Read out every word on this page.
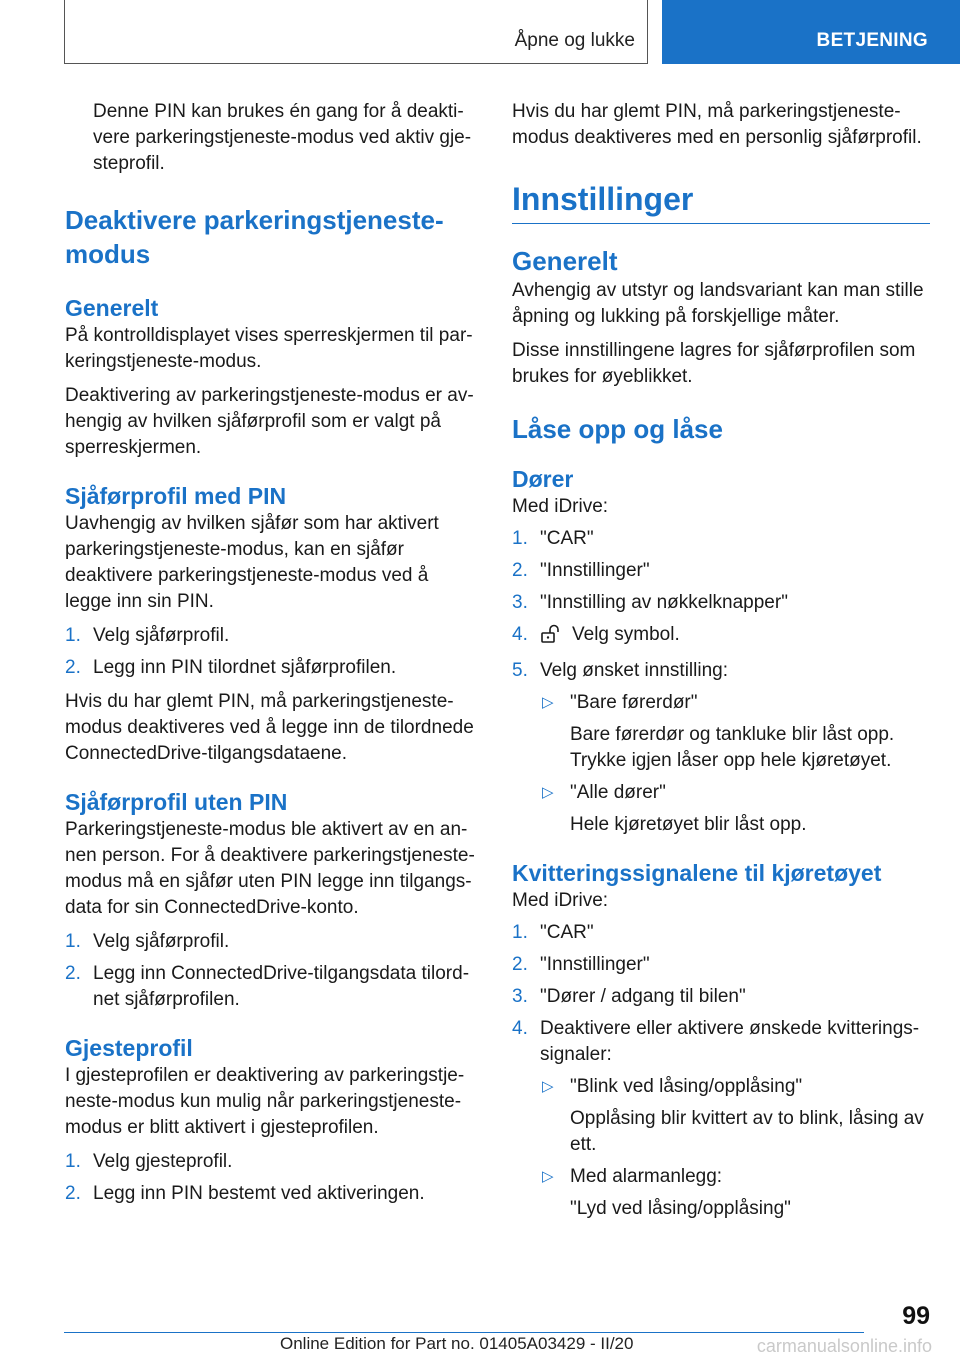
Åpne og lukke	BETJENING

Denne PIN kan brukes én gang for å deaktivere parkeringstjeneste-modus ved aktiv gjesteprofil.

Deaktivere parkeringstjenestemodus
Generelt

På kontrolldisplayet vises sperreskjermen til parkeringstjeneste-modus.

Deaktivering av parkeringstjeneste-modus er avhengig av hvilken sjåførprofil som er valgt på sperreskjermen.

Sjåførprofil med PIN

Uavhengig av hvilken sjåfør som har aktivert parkeringstjeneste-modus, kan en sjåfør deaktivere parkeringstjeneste-modus ved å legge inn sin PIN.

1. Velg sjåførprofil.
2. Legg inn PIN tilordnet sjåførprofilen.

Hvis du har glemt PIN, må parkeringstjeneste-modus deaktiveres ved å legge inn de tilordnede ConnectedDrive-tilgangsdataene.

Sjåførprofil uten PIN

Parkeringstjeneste-modus ble aktivert av en annen person. For å deaktivere parkeringstjeneste-modus må en sjåfør uten PIN legge inn tilgangsdata for sin ConnectedDrive-konto.

1. Velg sjåførprofil.
2. Legg inn ConnectedDrive-tilgangsdata tilordnet sjåførprofilen.
Gjesteprofil

I gjesteprofilen er deaktivering av parkeringstjeneste-modus kun mulig når parkeringstjeneste-modus er blitt aktivert i gjesteprofilen.

1. Velg gjesteprofil.
2. Legg inn PIN bestemt ved aktiveringen.

Hvis du har glemt PIN, må parkeringstjeneste-modus deaktiveres med en personlig sjåførprofil.

Innstillinger
Generelt

Avhengig av utstyr og landsvariant kan man stille åpning og lukking på forskjellige måter.

Disse innstillingene lagres for sjåførprofilen som brukes for øyeblikket.

Låse opp og låse
Dører

Med iDrive:

1. "CAR"
2. "Innstillinger"
3. "Innstilling av nøkkelknapper"
4. Velg symbol.
5. Velg ønsket innstilling:
▷ "Bare førerdør"
Bare førerdør og tankluke blir låst opp. Trykke igjen låser opp hele kjøretøyet.
▷ "Alle dører"
Hele kjøretøyet blir låst opp.
Kvitteringssignalene til kjøretøyet

Med iDrive:

1. "CAR"
2. "Innstillinger"
3. "Dører / adgang til bilen"
4. Deaktivere eller aktivere ønskede kvitteringssignaler:
▷ "Blink ved låsing/opplåsing"
Opplåsing blir kvittert av to blink, låsing av ett.
▷ Med alarmanlegg:
"Lyd ved låsing/opplåsing"
99
Online Edition for Part no. 01405A03429 - II/20	carmanualsonline.info
